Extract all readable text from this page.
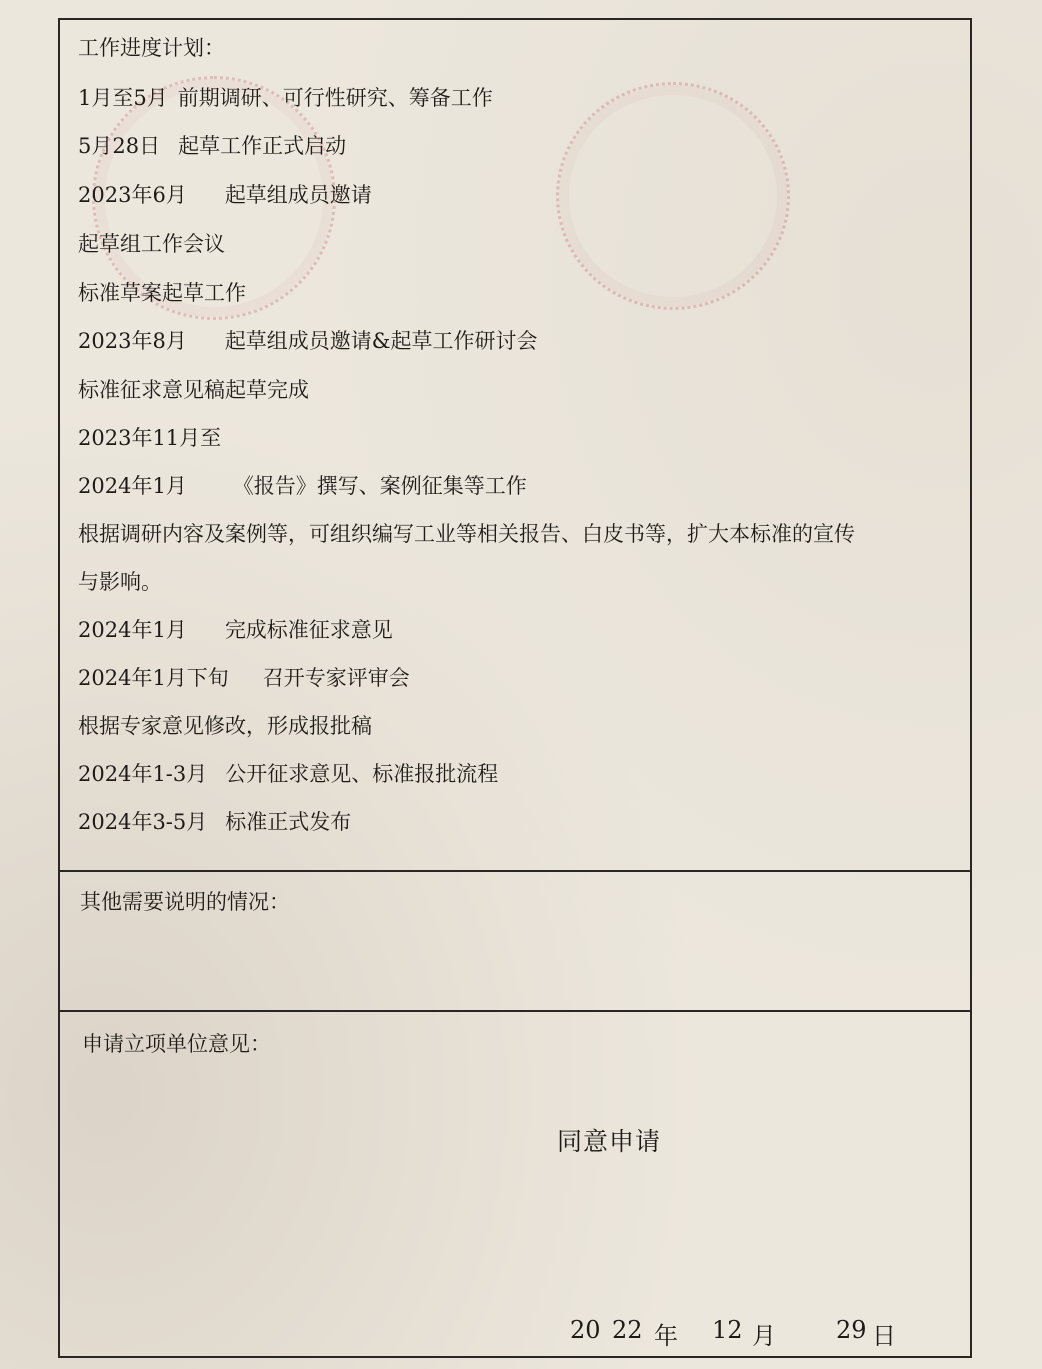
工作进度计划：
1月至5月 前期调研、可行性研究、筹备工作
5月28日 起草工作正式启动
2023年6月 起草组成员邀请
起草组工作会议
标准草案起草工作
2023年8月 起草组成员邀请&起草工作研讨会
标准征求意见稿起草完成
2023年11月至
2024年1月 《报告》撰写、案例征集等工作
根据调研内容及案例等，可组织编写工业等相关报告、白皮书等，扩大本标准的宣传
与影响。
2024年1月 完成标准征求意见
2024年1月下旬 召开专家评审会
根据专家意见修改，形成报批稿
2024年1-3月 公开征求意见、标准报批流程
2024年3-5月 标准正式发布
其他需要说明的情况：
申请立项单位意见：
同意申请
20 22 年 12 月	29 日
